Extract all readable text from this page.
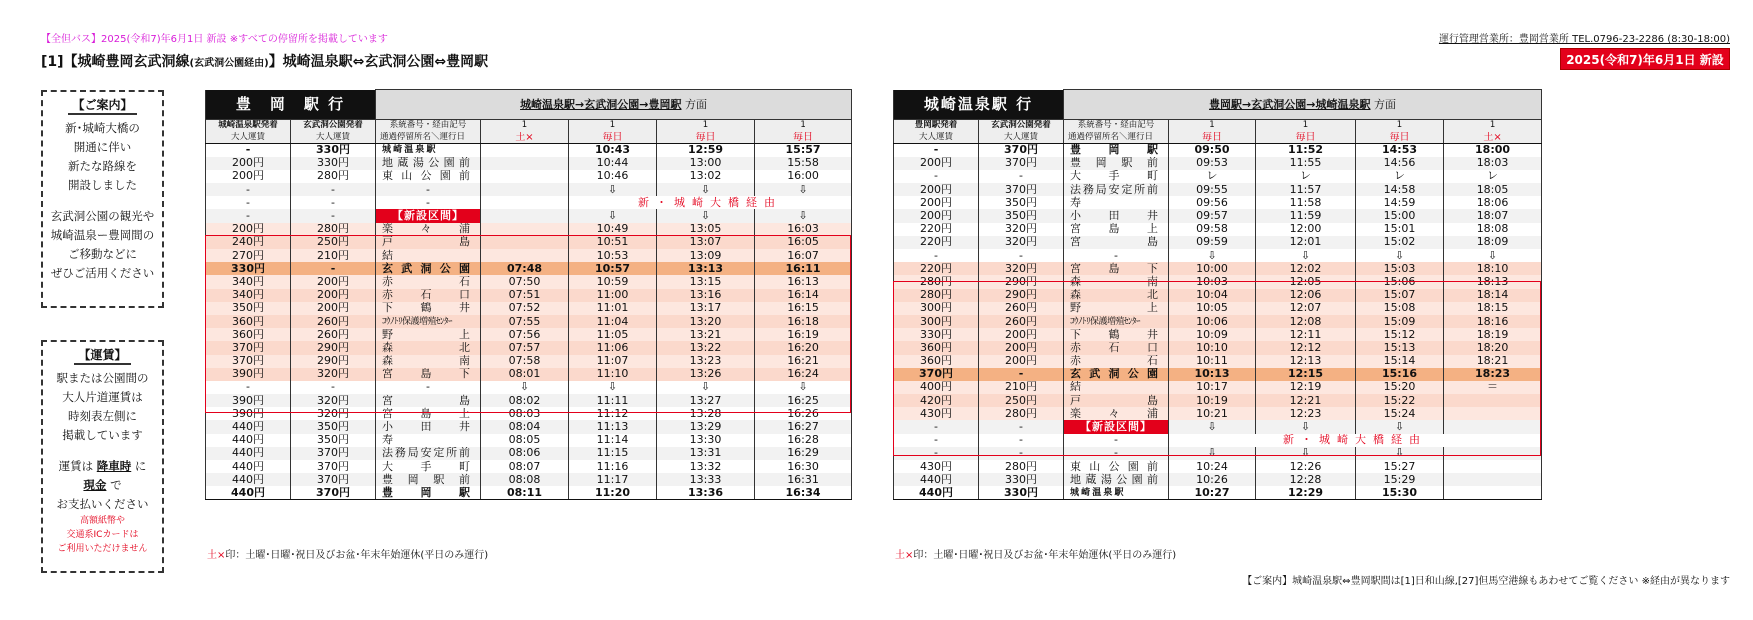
【全但バス】2025(令和7)年6月1日 新設 ※すべての停留所を掲載しています	運行管理営業所：豊岡営業所 TEL.0796-23-2286 (8:30-18:00)
[1]【城崎豊岡玄武洞線(玄武洞公園経由)】城崎温泉駅⇔玄武洞公園⇔豊岡駅	2025(令和7)年6月1日 新設
【ご案内】

新･城崎大橋の

開通に伴い

新たな路線を

開設しました

玄武洞公園の観光や

城崎温泉ー豊岡間の

ご移動などに

ぜひご活用ください

【運賃】

駅または公園間の

大人片道運賃は

時刻表左側に

掲載しています

運賃は 降車時 に

現金 で

お支払いください

高額紙幣や

交通系ICカードは

ご利用いただけません

豊　岡　駅 行		城崎温泉駅→玄武洞公園→豊岡駅 方面				
城崎温泉駅発着	玄武洞公園発着	系統番号・経由記号	1	1	1	1
大人運賃	大人運賃	通過停留所名＼運行日	土×	毎日	毎日	毎日
-	330円	城 崎 温 泉 駅		10:43	12:59	15:57
200円	330円	地蔵湯公園前		10:44	13:00	15:58
200円	280円	東山公園前		10:46	13:02	16:00
-	-	-		⇩	⇩	⇩
-	-	-		新・城崎大橋経由		
-	-	【新設区間】		⇩	⇩	⇩
200円	280円	楽々浦		10:49	13:05	16:03
240円	250円	戸島		10:51	13:07	16:05
270円	210円	結		10:53	13:09	16:07
330円	-	玄武洞公園	07:48	10:57	13:13	16:11
340円	200円	赤石	07:50	10:59	13:15	16:13
340円	200円	赤石口	07:51	11:00	13:16	16:14
350円	200円	下鶴井	07:52	11:01	13:17	16:15
360円	260円	ｺｳﾉﾄﾘ保護増殖ｾﾝﾀｰ	07:55	11:04	13:20	16:18
360円	260円	野上	07:56	11:05	13:21	16:19
370円	290円	森北	07:57	11:06	13:22	16:20
370円	290円	森南	07:58	11:07	13:23	16:21
390円	320円	宮島下	08:01	11:10	13:26	16:24
-	-	-	⇩	⇩	⇩	⇩
390円	320円	宮島	08:02	11:11	13:27	16:25
390円	320円	宮島上	08:03	11:12	13:28	16:26
440円	350円	小田井	08:04	11:13	13:29	16:27
440円	350円	寿	08:05	11:14	13:30	16:28
440円	370円	法務局安定所前	08:06	11:15	13:31	16:29
440円	370円	大手町	08:07	11:16	13:32	16:30
440円	370円	豊岡駅前	08:08	11:17	13:33	16:31
440円	370円	豊　岡　駅	08:11	11:20	13:36	16:34
土×印：土曜･日曜･祝日及びお盆･年末年始運休(平日のみ運行)
城崎温泉駅 行		豊岡駅→玄武洞公園→城崎温泉駅 方面				
豊岡駅発着	玄武洞公園発着	系統番号・経由記号	1	1	1	1
大人運賃	大人運賃	通過停留所名＼運行日	毎日	毎日	毎日	土×
-	370円	豊　岡　駅	09:50	11:52	14:53	18:00
200円	370円	豊岡駅前	09:53	11:55	14:56	18:03
-	-	大手町	レ	レ	レ	レ
200円	370円	法務局安定所前	09:55	11:57	14:58	18:05
200円	350円	寿	09:56	11:58	14:59	18:06
200円	350円	小田井	09:57	11:59	15:00	18:07
220円	320円	宮島上	09:58	12:00	15:01	18:08
220円	320円	宮島	09:59	12:01	15:02	18:09
-	-	-	⇩	⇩	⇩	⇩
220円	320円	宮島下	10:00	12:02	15:03	18:10
280円	290円	森南	10:03	12:05	15:06	18:13
280円	290円	森北	10:04	12:06	15:07	18:14
300円	260円	野上	10:05	12:07	15:08	18:15
300円	260円	ｺｳﾉﾄﾘ保護増殖ｾﾝﾀｰ	10:06	12:08	15:09	18:16
330円	200円	下鶴井	10:09	12:11	15:12	18:19
360円	200円	赤石口	10:10	12:12	15:13	18:20
360円	200円	赤石	10:11	12:13	15:14	18:21
370円	-	玄武洞公園	10:13	12:15	15:16	18:23
400円	210円	結	10:17	12:19	15:20	＝
420円	250円	戸島	10:19	12:21	15:22	
430円	280円	楽々浦	10:21	12:23	15:24	
-	-	【新設区間】	⇩	⇩	⇩	
-	-	-	新・城崎大橋経由			
-	-	-	⇩	⇩	⇩	
430円	280円	東山公園前	10:24	12:26	15:27	
440円	330円	地蔵湯公園前	10:26	12:28	15:29	
440円	330円	城 崎 温 泉 駅	10:27	12:29	15:30	
土×印：土曜･日曜･祝日及びお盆･年末年始運休(平日のみ運行)
【ご案内】城崎温泉駅⇔豊岡駅間は[1]日和山線,[27]但馬空港線もあわせてご覧ください ※経由が異なります
